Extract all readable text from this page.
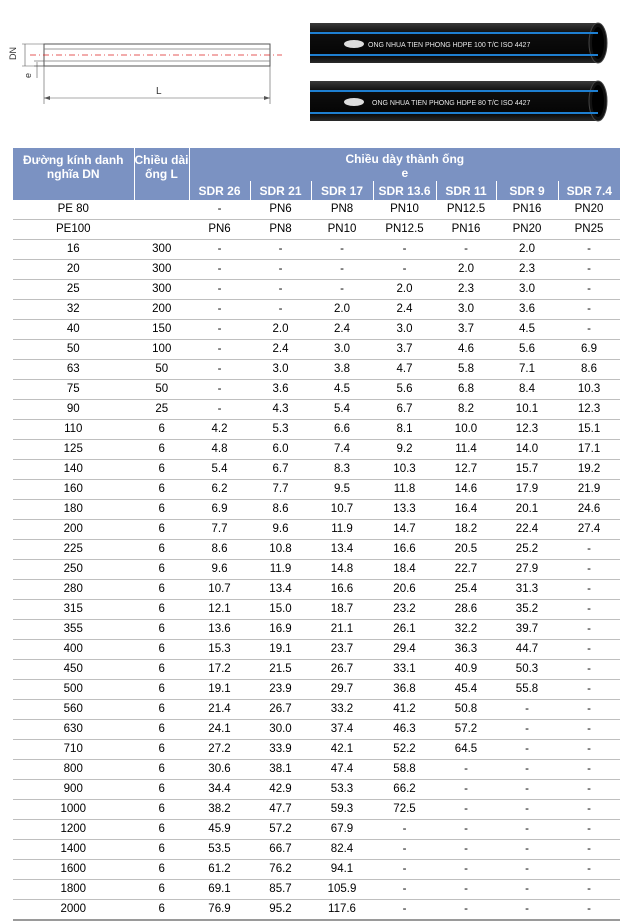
DN
e
L
ONG NHUA TIEN PHONG HDPE 100 T/C ISO 4427
ONG NHUA TIEN PHONG HDPE 80 T/C ISO 4427
Đường kính danh nghĩa DN	Chiều dài ống L	Chiều dày thành ống
e						

		SDR 26	SDR 21	SDR 17	SDR 13.6	SDR 11	SDR 9	SDR 7.4
PE 80		-	PN6	PN8	PN10	PN12.5	PN16	PN20
PE100		PN6	PN8	PN10	PN12.5	PN16	PN20	PN25
16	300	-	-	-	-	-	2.0	-
20	300	-	-	-	-	2.0	2.3	-
25	300	-	-	-	2.0	2.3	3.0	-
32	200	-	-	2.0	2.4	3.0	3.6	-
40	150	-	2.0	2.4	3.0	3.7	4.5	-
50	100	-	2.4	3.0	3.7	4.6	5.6	6.9
63	50	-	3.0	3.8	4.7	5.8	7.1	8.6
75	50	-	3.6	4.5	5.6	6.8	8.4	10.3
90	25	-	4.3	5.4	6.7	8.2	10.1	12.3
110	6	4.2	5.3	6.6	8.1	10.0	12.3	15.1
125	6	4.8	6.0	7.4	9.2	11.4	14.0	17.1
140	6	5.4	6.7	8.3	10.3	12.7	15.7	19.2
160	6	6.2	7.7	9.5	11.8	14.6	17.9	21.9
180	6	6.9	8.6	10.7	13.3	16.4	20.1	24.6
200	6	7.7	9.6	11.9	14.7	18.2	22.4	27.4
225	6	8.6	10.8	13.4	16.6	20.5	25.2	-
250	6	9.6	11.9	14.8	18.4	22.7	27.9	-
280	6	10.7	13.4	16.6	20.6	25.4	31.3	-
315	6	12.1	15.0	18.7	23.2	28.6	35.2	-
355	6	13.6	16.9	21.1	26.1	32.2	39.7	-
400	6	15.3	19.1	23.7	29.4	36.3	44.7	-
450	6	17.2	21.5	26.7	33.1	40.9	50.3	-
500	6	19.1	23.9	29.7	36.8	45.4	55.8	-
560	6	21.4	26.7	33.2	41.2	50.8	-	-
630	6	24.1	30.0	37.4	46.3	57.2	-	-
710	6	27.2	33.9	42.1	52.2	64.5	-	-
800	6	30.6	38.1	47.4	58.8	-	-	-
900	6	34.4	42.9	53.3	66.2	-	-	-
1000	6	38.2	47.7	59.3	72.5	-	-	-
1200	6	45.9	57.2	67.9	-	-	-	-
1400	6	53.5	66.7	82.4	-	-	-	-
1600	6	61.2	76.2	94.1	-	-	-	-
1800	6	69.1	85.7	105.9	-	-	-	-
2000	6	76.9	95.2	117.6	-	-	-	-
